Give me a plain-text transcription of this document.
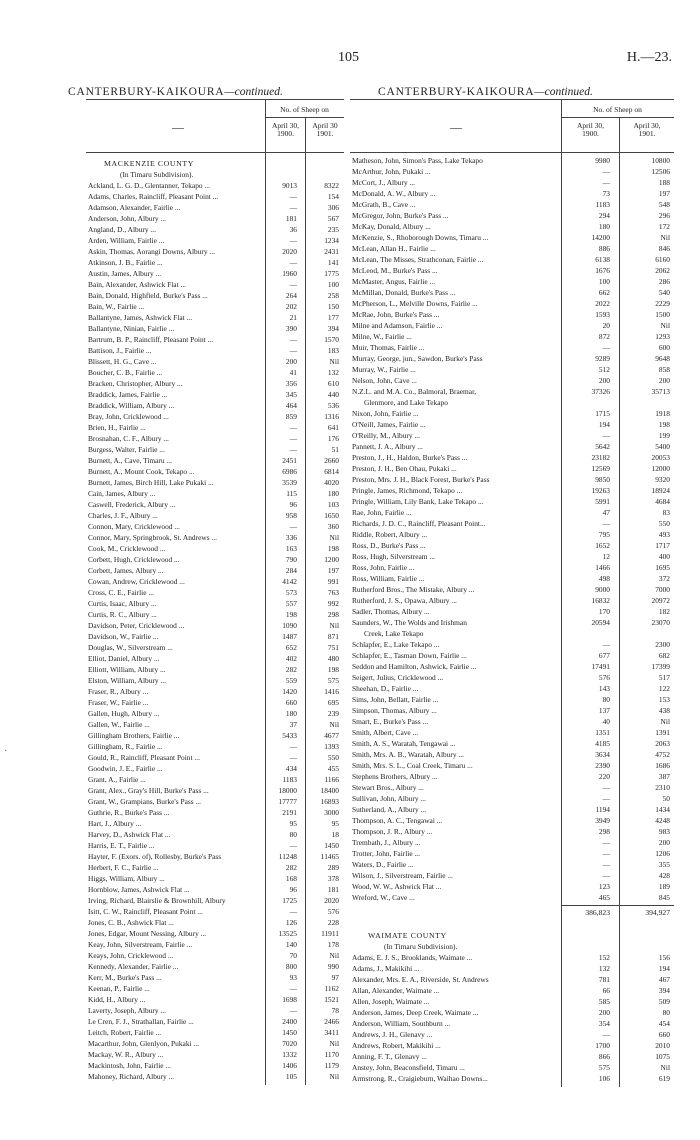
105	H.—23.
CANTERBURY-KAIKOURA—continued.	CANTERBURY-KAIKOURA—continued.
—
No. of Sheep on
April 30,
1900.
April 30
1901.
MACKENZIE COUNTY
(In Timaru Subdivision).
Ackland, L. G. D., Glentanner, Tekapo ...	9013	8322
Adams, Charles, Raincliff, Pleasant Point ...	—	154
Adamson, Alexander, Fairlie ...	—	306
Anderson, John, Albury ...	181	567
Angland, D., Albury ...	36	235
Arden, William, Fairlie ...	—	1234
Askin, Thomas, Aorangi Downs, Albury ...	2020	2431
Atkinson, J. B., Fairlie ...	—	141
Austin, James, Albury ...	1960	1775
Bain, Alexander, Ashwick Flat ...	—	100
Bain, Donald, Highfield, Burke's Pass ...	264	258
Bain, W., Fairlie ...	202	150
Ballantyne, James, Ashwick Flat ...	21	177
Ballantyne, Ninian, Fairlie ...	390	394
Bartrum, B. P., Raincliff, Pleasant Point ...	—	1570
Battison, J., Fairlie ...	—	183
Blissett, H. G., Cave ...	200	Nil
Boucher, C. B., Fairlie ...	41	132
Bracken, Christopher, Albury ...	356	610
Braddick, James, Fairlie ...	345	440
Braddick, William, Albury ...	464	536
Bray, John, Cricklewood ...	859	1316
Brien, H., Fairlie ...	—	641
Brosnahan, C. F., Albury ...	—	176
Burgess, Walter, Fairlie ...	—	51
Burnett, A., Cave, Timaru ...	2451	2660
Burnett, A., Mount Cook, Tekapo ...	6986	6814
Burnett, James, Birch Hill, Lake Pukaki ...	3539	4020
Cain, James, Albury ...	115	180
Caswell, Frederick, Albury ...	96	103
Charles, J. F., Albury ...	958	1650
Connon, Mary, Cricklewood ...	—	360
Connor, Mary, Springbrook, St. Andrews ...	336	Nil
Cook, M., Cricklewood ...	163	198
Corbett, Hugh, Cricklewood ...	790	1200
Corbett, James, Albury ...	284	197
Cowan, Andrew, Cricklewood ...	4142	991
Cross, C. E., Fairlie ...	573	763
Curtis, Isaac, Albury ...	557	992
Curtis, R. C., Albury ...	198	298
Davidson, Peter, Cricklewood ...	1090	Nil
Davidson, W., Fairlie ...	1487	871
Douglas, W., Silverstream ...	652	751
Elliot, Daniel, Albury ...	402	480
Elliott, William, Albury ...	282	198
Elston, William, Albury ...	559	575
Fraser, R., Albury ...	1420	1416
Fraser, W., Fairlie ...	660	695
Gallen, Hugh, Albury ...	180	239
Gallen, W., Fairlie ...	37	Nil
Gillingham Brothers, Fairlie ...	5433	4677
Gillingham, R., Fairlie ...	—	1393
Gould, R., Raincliff, Pleasant Point ...	—	550
Goodwin, J. E., Fairlie ...	434	455
Grant, A., Fairlie ...	1183	1166
Grant, Alex., Gray's Hill, Burke's Pass ...	18000	18400
Grant, W., Grampians, Burke's Pass ...	17777	16893
Guthrie, R., Burke's Pass ...	2191	3000
Hart, J., Albury ...	95	95
Harvey, D., Ashwick Flat ...	80	18
Harris, E. T., Fairlie ...	—	1450
Hayter, F. (Exors. of), Rollesby, Burke's Pass	11248	11465
Herbert, F. C., Fairlie ...	282	289
Higgs, William, Albury ...	168	378
Hornblow, James, Ashwick Flat ...	96	181
Irving, Richard, Blairslie & Brownhill, Albury	1725	2020
Isitt, C. W., Raincliff, Pleasant Point ...	—	576
Jones, C. B., Ashwick Flat ...	126	228
Jones, Edgar, Mount Nessing, Albury ...	13525	11911
Keay, John, Silverstream, Fairlie ...	140	178
Keays, John, Cricklewood ...	70	Nil
Kennedy, Alexander, Fairlie ...	800	990
Kerr, M., Burke's Pass ...	93	97
Keenan, P., Fairlie ...	—	1162
Kidd, H., Albury ...	1698	1521
Laverty, Joseph, Albury ...	—	78
Le Cren, F. J., Strathallan, Fairlie ...	2400	2466
Leitch, Robert, Fairlie ...	1450	3411
Macarthur, John, Glenlyon, Pukaki ...	7020	Nil
Mackay, W. R., Albury ...	1332	1170
Mackintosh, John, Fairlie ...	1406	1179
Mahoney, Richard, Albury ...	105	Nil
—
No. of Sheep on
April 30,
1900.
April 30,
1901.
Matheson, John, Simon's Pass, Lake Tekapo	9980	10800
McArthur, John, Pukaki ...	—	12506
McCort, J., Albury ...	—	188
McDonald, A. W., Albury ...	73	197
McGrath, B., Cave ...	1183	548
McGregor, John, Burke's Pass ...	294	296
McKay, Donald, Albury ...	180	172
McKenzie, S., Rhoborough Downs, Timaru ...	14200	Nil
McLean, Allan H., Fairlie ...	886	846
McLean, The Misses, Strathconan, Fairlie ...	6138	6160
McLeod, M., Burke's Pass ...	1676	2062
McMaster, Angus, Fairlie ...	100	286
McMillan, Donald, Burke's Pass ...	662	540
McPherson, L., Melville Downs, Fairlie ...	2022	2229
McRae, John, Burke's Pass ...	1593	1500
Milne and Adamson, Fairlie ...	20	Nil
Milne, W., Fairlie ...	872	1293
Muir, Thomas, Fairlie ...	—	600
Murray, George, jun., Sawdon, Burke's Pass	9289	9648
Murray, W., Fairlie ...	512	858
Nelson, John, Cave ...	200	200
N.Z.L. and M.A. Co., Balmoral, Braemar,	37326	35713
Glenmore, and Lake Tekapo
Nixon, John, Fairlie ...	1715	1918
O'Neill, James, Fairlie ...	194	198
O'Reilly, M., Albury ...	—	199
Pannett, J. A., Albury ...	5642	5400
Preston, J., H., Haldon, Burke's Pass ...	23182	20053
Preston, J. H., Ben Ohau, Pukaki ...	12569	12000
Preston, Mrs. J. H., Black Forest, Burke's Pass	9850	9320
Pringle, James, Richmond, Tekapo ...	19263	18924
Pringle, William, Lily Bank, Lake Tekapo ...	5991	4684
Rae, John, Fairlie ...	47	83
Richards, J. D. C., Raincliff, Pleasant Point...	—	550
Riddle, Robert, Albury ...	795	493
Ross, D., Burke's Pass ...	1652	1717
Ross, Hugh, Silverstream ...	12	400
Ross, John, Fairlie ...	1466	1695
Ross, William, Fairlie ...	498	372
Rutherford Bros., The Mistake, Albury ...	9000	7000
Rutherford, J. S., Opawa, Albury ...	16832	20972
Sadler, Thomas, Albury ...	170	182
Saunders, W., The Wolds and Irishman	20594	23070
Creek, Lake Tekapo
Schlapfer, E., Lake Tekapo ...	—	2300
Schlapfer, E., Tasman Down, Fairlie ...	677	682
Seddon and Hamilton, Ashwick, Fairlie ...	17491	17399
Seigert, Julius, Cricklewood ...	576	517
Sheehan, D., Fairlie ...	143	122
Sims, John, Bellatt, Fairlie ...	80	153
Simpson, Thomas, Albury ...	137	438
Smart, E., Burke's Pass ...	40	Nil
Smith, Albert, Cave ...	1351	1391
Smith, A. S., Waratah, Tengawai ...	4185	2063
Smith, Mrs. A. B., Waratah, Albury ...	3634	4752
Smith, Mrs. S. L., Coal Creek, Timaru ...	2390	1686
Stephens Brothers, Albury ...	220	387
Stewart Bros., Albury ...	—	2310
Sullivan, John, Albury ...	—	50
Sutherland, A., Albury ...	1194	1434
Thompson, A. C., Tengawai ...	3949	4248
Thompson, J. R., Albury ...	298	983
Trembath, J., Albury ...	—	200
Trotter, John, Fairlie ...	—	1206
Waters, D., Fairlie ...	—	355
Wilson, J., Silverstream, Fairlie ...	—	428
Wood, W. W., Ashwick Flat ...	123	189
Wreford, W., Cave ...	465	845
386,823	394,927
WAIMATE COUNTY
(In Timaru Subdivision).
Adams, E. J. S., Brooklands, Waimate ...	152	156
Adams, J., Makikihi ...	132	194
Alexander, Mrs. E. A., Riverside, St. Andrews	781	467
Allan, Alexander, Waimate ...	66	394
Allen, Joseph, Waimate ...	585	509
Anderson, James, Deep Creek, Waimate ...	200	80
Anderson, William, Southburn ...	354	454
Andrews, J. H., Glenavy ...	—	660
Andrews, Robert, Makikihi ...	1700	2010
Anning, F. T., Glenavy ...	866	1075
Anstey, John, Beaconsfield, Timaru ...	575	Nil
Armstrong, R., Craigieburn, Waihao Downs...	106	619
·
